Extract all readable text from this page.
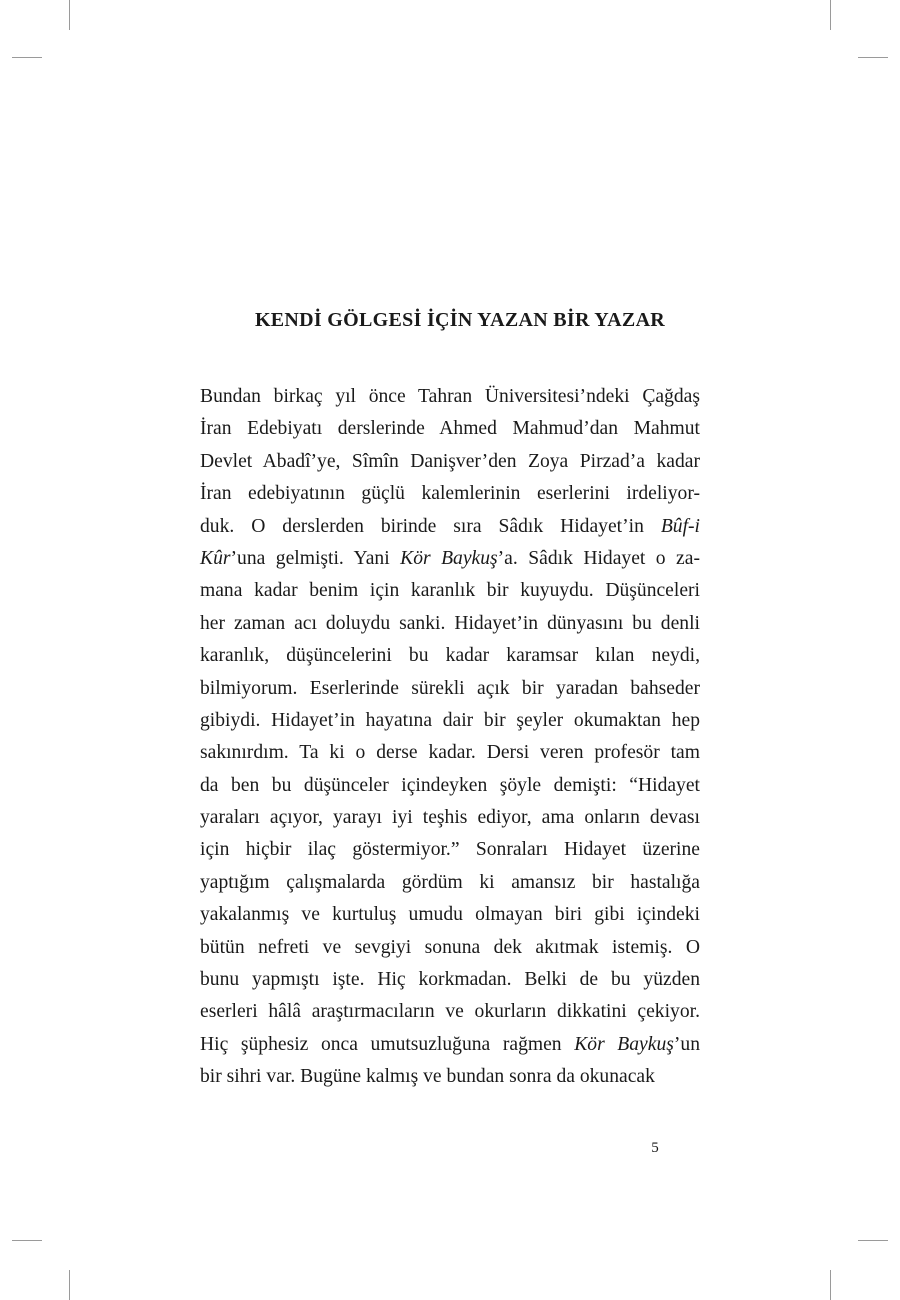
KENDİ GÖLGESİ İÇİN YAZAN BİR YAZAR

Bundan birkaç yıl önce Tahran Üniversitesi’ndeki Çağdaş
İran Edebiyatı derslerinde Ahmed Mahmud’dan Mahmut
Devlet Abadî’ye, Sîmîn Danişver’den Zoya Pirzad’a kadar
İran edebiyatının güçlü kalemlerinin eserlerini irdeliyor-
duk. O derslerden birinde sıra Sâdık Hidayet’in Bûf-i
Kûr’una gelmişti. Yani Kör Baykuş’a. Sâdık Hidayet o za-
mana kadar benim için karanlık bir kuyuydu. Düşünceleri
her zaman acı doluydu sanki. Hidayet’in dünyasını bu denli
karanlık, düşüncelerini bu kadar karamsar kılan neydi,
bilmiyorum. Eserlerinde sürekli açık bir yaradan bahseder
gibiydi. Hidayet’in hayatına dair bir şeyler okumaktan hep
sakınırdım. Ta ki o derse kadar. Dersi veren profesör tam
da ben bu düşünceler içindeyken şöyle demişti: “Hidayet
yaraları açıyor, yarayı iyi teşhis ediyor, ama onların devası
için hiçbir ilaç göstermiyor.” Sonraları Hidayet üzerine
yaptığım çalışmalarda gördüm ki amansız bir hastalığa
yakalanmış ve kurtuluş umudu olmayan biri gibi içindeki
bütün nefreti ve sevgiyi sonuna dek akıtmak istemiş. O
bunu yapmıştı işte. Hiç korkmadan. Belki de bu yüzden
eserleri hâlâ araştırmacıların ve okurların dikkatini çekiyor.
Hiç şüphesiz onca umutsuzluğuna rağmen Kör Baykuş’un
bir sihri var. Bugüne kalmış ve bundan sonra da okunacak

5
